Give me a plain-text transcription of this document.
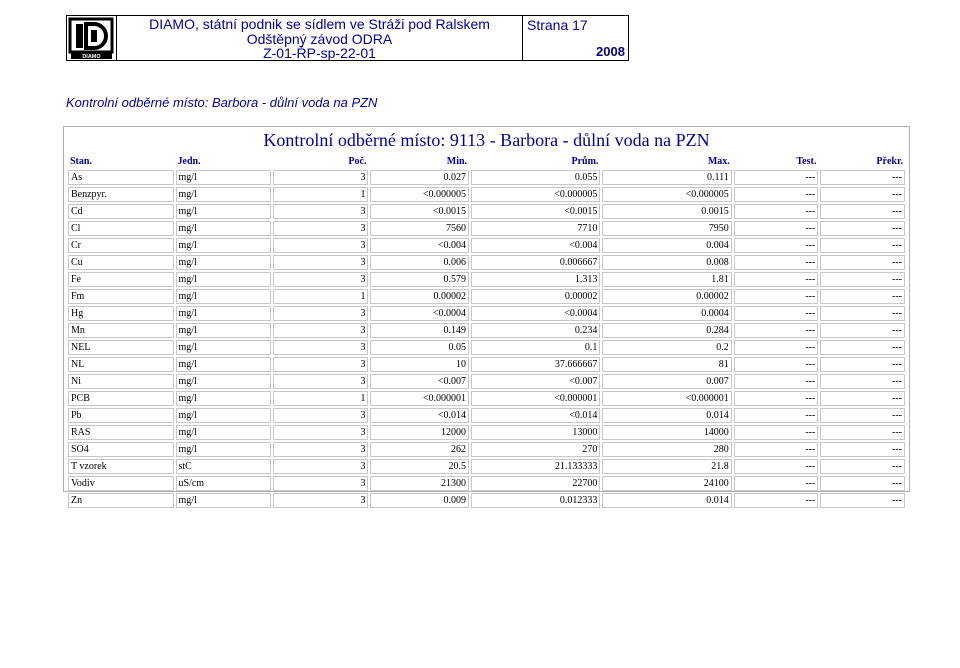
DIAMO
DIAMO, státní podnik se sídlem ve Stráži pod Ralskem
Odštěpný závod ODRA
Z-01-ŘP-sp-22-01
Strana 17
2008
Kontrolní odběrné místo: Barbora - důlní voda na PZN
Kontrolní odběrné místo: 9113 - Barbora - důlní voda na PZN
Stan.	Jedn.	Poč.	Min.	Prům.	Max.	Test.	Překr.
As	mg/l	3	0.027	0.055	0.111	---	---
Benzpyr.	mg/l	1	<0.000005	<0.000005	<0.000005	---	---
Cd	mg/l	3	<0.0015	<0.0015	0.0015	---	---
Cl	mg/l	3	7560	7710	7950	---	---
Cr	mg/l	3	<0.004	<0.004	0.004	---	---
Cu	mg/l	3	0.006	0.006667	0.008	---	---
Fe	mg/l	3	0.579	1.313	1.81	---	---
Fm	mg/l	1	0.00002	0.00002	0.00002	---	---
Hg	mg/l	3	<0.0004	<0.0004	0.0004	---	---
Mn	mg/l	3	0.149	0.234	0.284	---	---
NEL	mg/l	3	0.05	0.1	0.2	---	---
NL	mg/l	3	10	37.666667	81	---	---
Ni	mg/l	3	<0.007	<0.007	0.007	---	---
PCB	mg/l	1	<0.000001	<0.000001	<0.000001	---	---
Pb	mg/l	3	<0.014	<0.014	0.014	---	---
RAS	mg/l	3	12000	13000	14000	---	---
SO4	mg/l	3	262	270	280	---	---
T vzorek	stC	3	20.5	21.133333	21.8	---	---
Vodiv	uS/cm	3	21300	22700	24100	---	---
Zn	mg/l	3	0.009	0.012333	0.014	---	---
